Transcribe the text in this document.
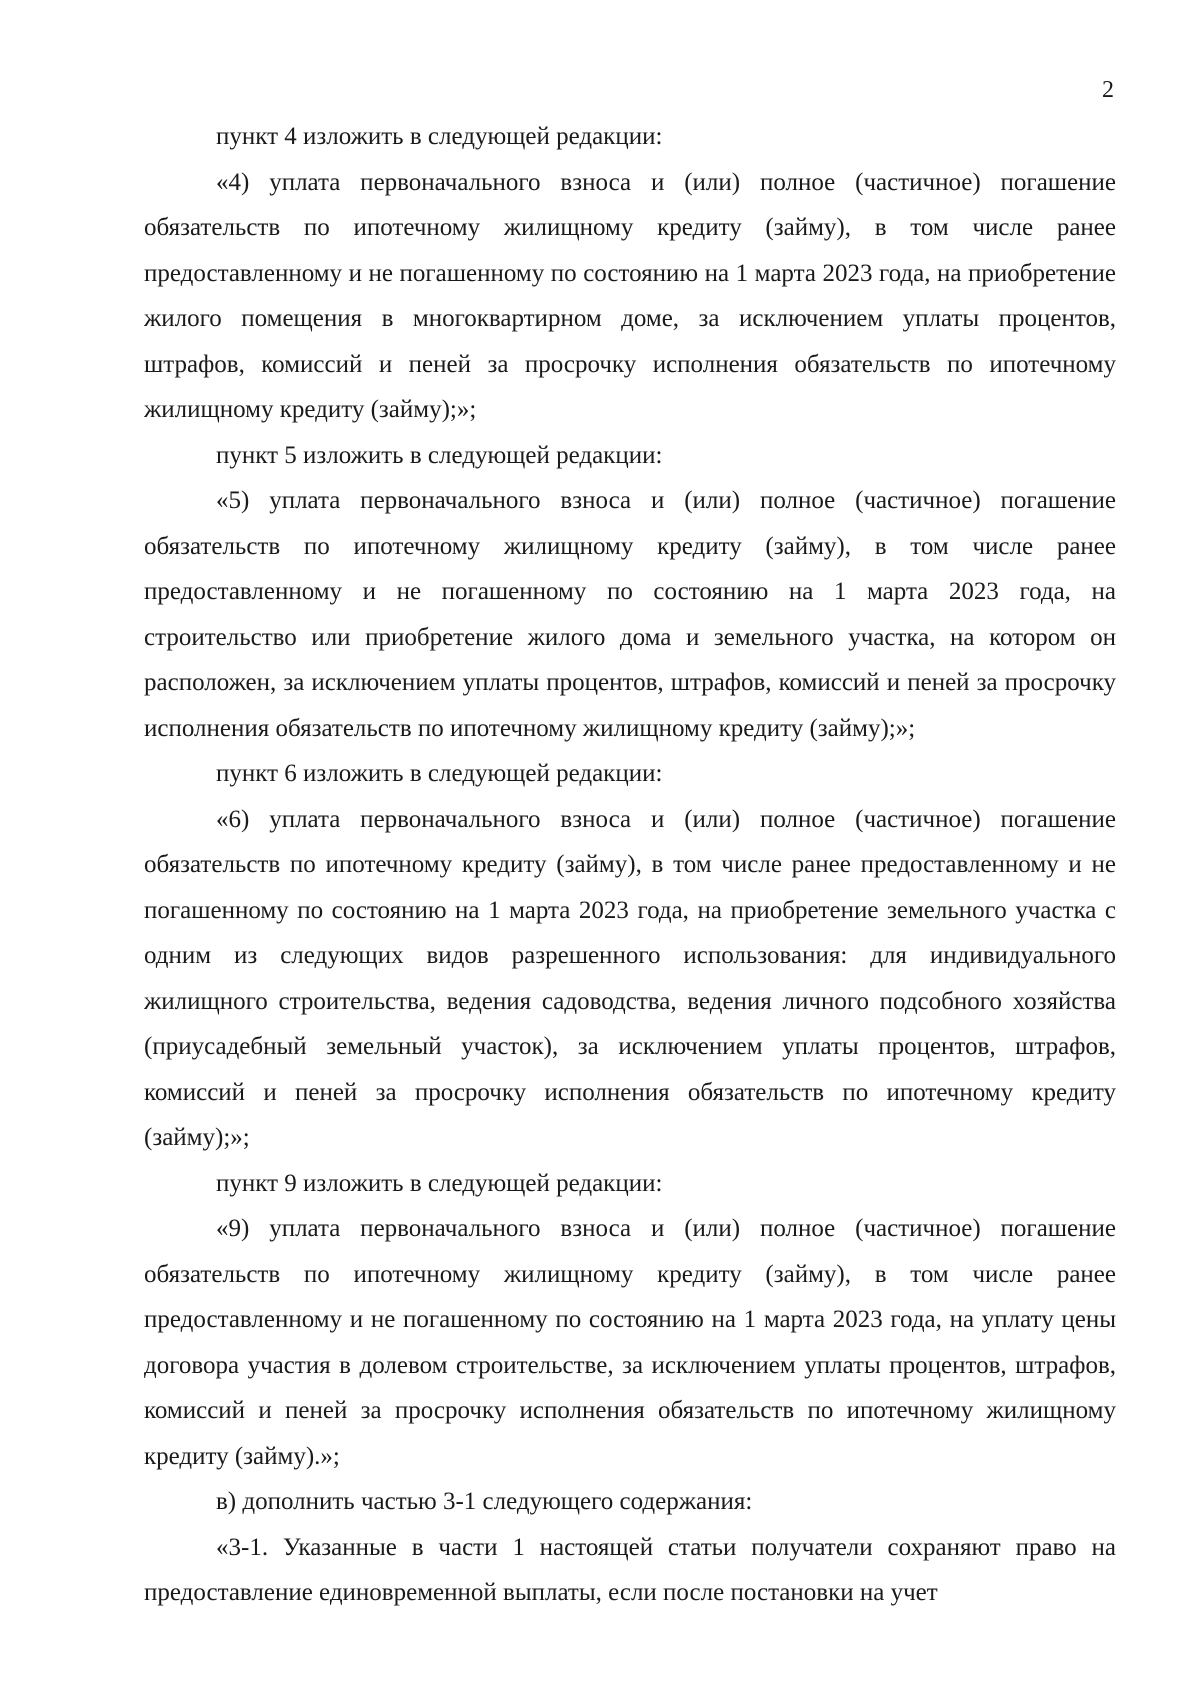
2

пункт 4 изложить в следующей редакции:

«4) уплата первоначального взноса и (или) полное (частичное) погашение обязательств по ипотечному жилищному кредиту (займу), в том числе ранее предоставленному и не погашенному по состоянию на 1 марта 2023 года, на приобретение жилого помещения в многоквартирном доме, за исключением уплаты процентов, штрафов, комиссий и пеней за просрочку исполнения обязательств по ипотечному жилищному кредиту (займу);»;

пункт 5 изложить в следующей редакции:

«5) уплата первоначального взноса и (или) полное (частичное) погашение обязательств по ипотечному жилищному кредиту (займу), в том числе ранее предоставленному и не погашенному по состоянию на 1 марта 2023 года, на строительство или приобретение жилого дома и земельного участка, на котором он расположен, за исключением уплаты процентов, штрафов, комиссий и пеней за просрочку исполнения обязательств по ипотечному жилищному кредиту (займу);»;

пункт 6 изложить в следующей редакции:

«6) уплата первоначального взноса и (или) полное (частичное) погашение обязательств по ипотечному кредиту (займу), в том числе ранее предоставленному и не погашенному по состоянию на 1 марта 2023 года, на приобретение земельного участка с одним из следующих видов разрешенного использования: для индивидуального жилищного строительства, ведения садоводства, ведения личного подсобного хозяйства (приусадебный земельный участок), за исключением уплаты процентов, штрафов, комиссий и пеней за просрочку исполнения обязательств по ипотечному кредиту (займу);»;

пункт 9 изложить в следующей редакции:

«9) уплата первоначального взноса и (или) полное (частичное) погашение обязательств по ипотечному жилищному кредиту (займу), в том числе ранее предоставленному и не погашенному по состоянию на 1 марта 2023 года, на уплату цены договора участия в долевом строительстве, за исключением уплаты процентов, штрафов, комиссий и пеней за просрочку исполнения обязательств по ипотечному жилищному кредиту (займу).»;

в) дополнить частью 3-1 следующего содержания:

«3-1. Указанные в части 1 настоящей статьи получатели сохраняют право на предоставление единовременной выплаты, если после постановки на учет
